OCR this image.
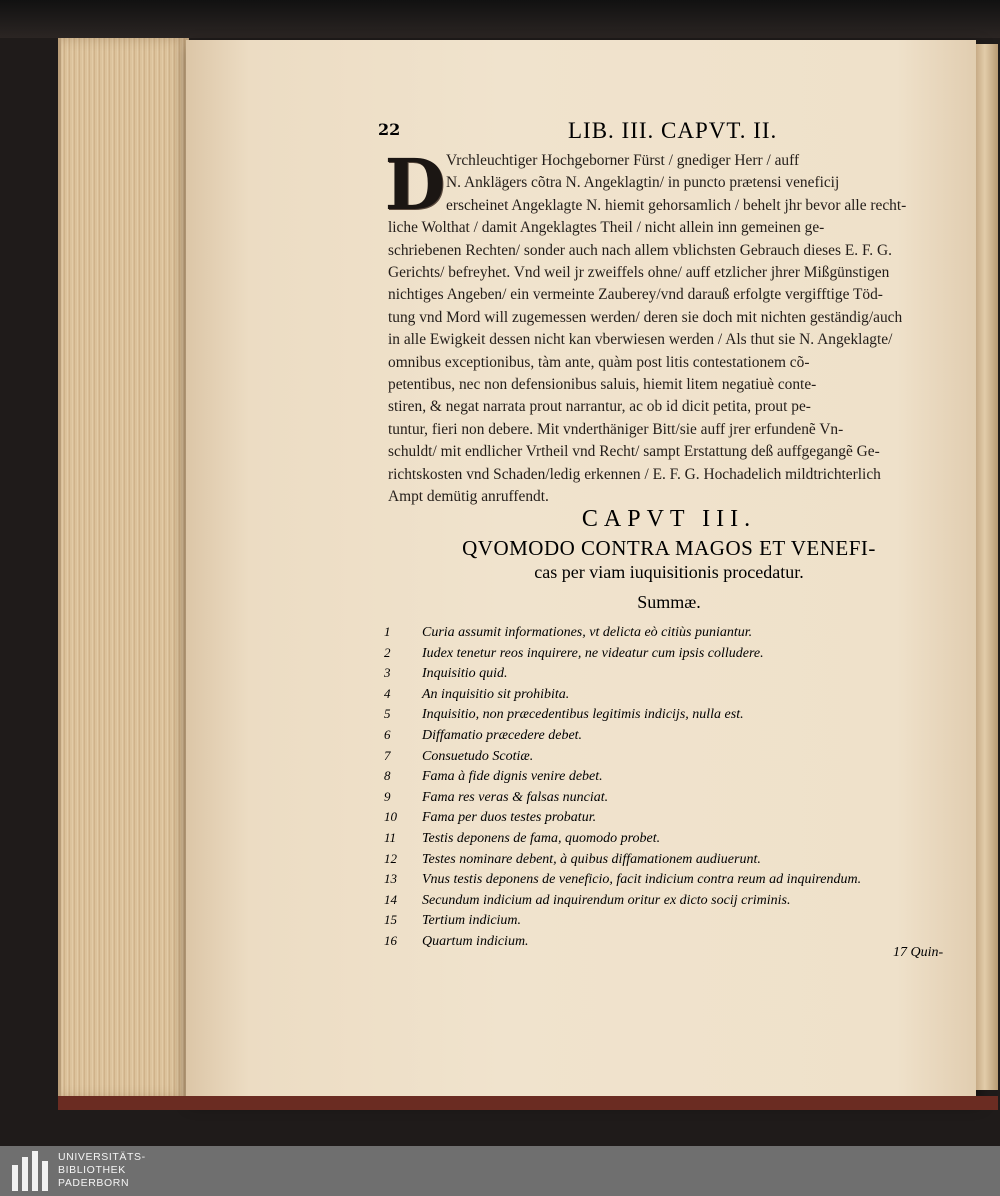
22	LIB. III. CAPVT. II.
D Vrchleuchtiger Hochgeborner Fürst / gnediger Herr / auff
N. Anklägers cõtra N. Angeklagtin/ in puncto prætensi veneficij
erscheinet Angeklagte N. hiemit gehorsamlich / behelt jhr bevor alle recht-
liche Wolthat / damit Angeklagtes Theil / nicht allein inn gemeinen ge-
schriebenen Rechten/ sonder auch nach allem vblichsten Gebrauch dieses E. F. G.
Gerichts/ befreyhet. Vnd weil jr zweiffels ohne/ auff etzlicher jhrer Mißgünstigen
nichtiges Angeben/ ein vermeinte Zauberey/vnd darauß erfolgte vergifftige Töd-
tung vnd Mord will zugemessen werden/ deren sie doch mit nichten geständig/auch
in alle Ewigkeit dessen nicht kan vberwiesen werden / Als thut sie N. Angeklagte/
omnibus exceptionibus, tàm ante, quàm post litis contestationem cõ-
petentibus, nec non defensionibus saluis, hiemit litem negatiuè conte-
stiren, & negat narrata prout narrantur, ac ob id dicit petita, prout pe-
tuntur, fieri non debere. Mit vnderthäniger Bitt/sie auff jrer erfundenẽ Vn-
schuldt/ mit endlicher Vrtheil vnd Recht/ sampt Erstattung deß auffgegangẽ Ge-
richtskosten vnd Schaden/ledig erkennen / E. F. G. Hochadelich mildtrichterlich
Ampt demütig anruffendt.
CAPVT III.
QVOMODO CONTRA MAGOS ET VENEFI-
cas per viam iuquisitionis procedatur.
Summæ.
1 Curia assumit informationes, vt delicta eò citiùs puniantur.
2 Iudex tenetur reos inquirere, ne videatur cum ipsis colludere.
3 Inquisitio quid.
4 An inquisitio sit prohibita.
5 Inquisitio, non præcedentibus legitimis indicijs, nulla est.
6 Diffamatio præcedere debet.
7 Consuetudo Scotiæ.
8 Fama à fide dignis venire debet.
9 Fama res veras & falsas nunciat.
10 Fama per duos testes probatur.
11 Testis deponens de fama, quomodo probet.
12 Testes nominare debent, à quibus diffamationem audiuerunt.
13 Vnus testis deponens de veneficio, facit indicium contra reum ad inquirendum.
14 Secundum indicium ad inquirendum oritur ex dicto socij criminis.
15 Tertium indicium.
16 Quartum indicium.
17 Quin-
UNIVERSITÄTS-
BIBLIOTHEK
PADERBORN
